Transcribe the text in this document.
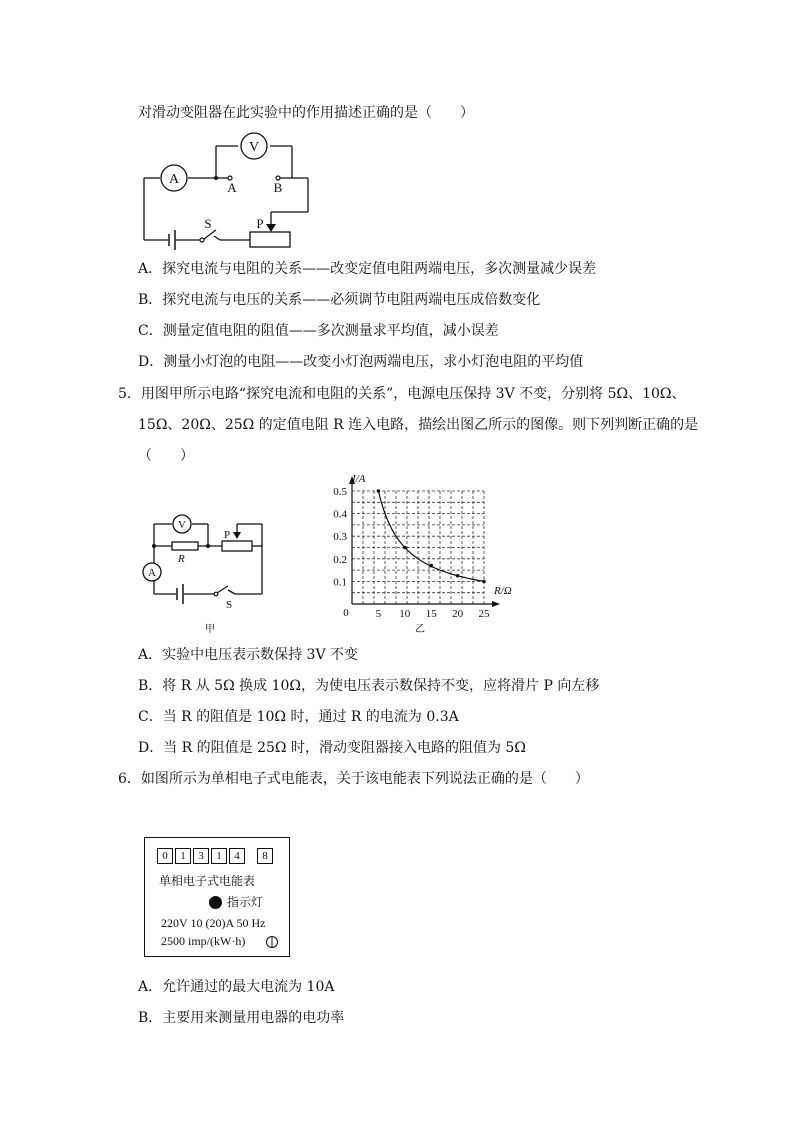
对滑动变阻器在此实验中的作用描述正确的是（　　）
A
V
A	B
S	P
A．探究电流与电阻的关系——改变定值电阻两端电压，多次测量减少误差
B．探究电流与电压的关系——必须调节电阻两端电压成倍数变化
C．测量定值电阻的阻值——多次测量求平均值，减小误差
D．测量小灯泡的电阻——改变小灯泡两端电压，求小灯泡电阻的平均值
5．用图甲所示电路“探究电流和电阻的关系”，电源电压保持 3V 不变，分别将 5Ω、10Ω、
15Ω、20Ω、25Ω 的定值电阻 R 连入电路，描绘出图乙所示的图像。则下列判断正确的是
（　　）
V
A
R
P
S
甲
5 10 15 20 25
0.1
0.2
0.3
0.4
0.5
0
I/A
R/Ω
乙
A．实验中电压表示数保持 3V 不变
B．将 R 从 5Ω 换成 10Ω，为使电压表示数保持不变，应将滑片 P 向左移
C．当 R 的阻值是 10Ω 时，通过 R 的电流为 0.3A
D．当 R 的阻值是 25Ω 时，滑动变阻器接入电路的阻值为 5Ω
6．如图所示为单相电子式电能表，关于该电能表下列说法正确的是（　　）
0	1	3	1	4	8
单相电子式电能表
指示灯
220V 10 (20)A 50 Hz
2500 imp/(kW·h)
A．允许通过的最大电流为 10A
B．主要用来测量用电器的电功率
